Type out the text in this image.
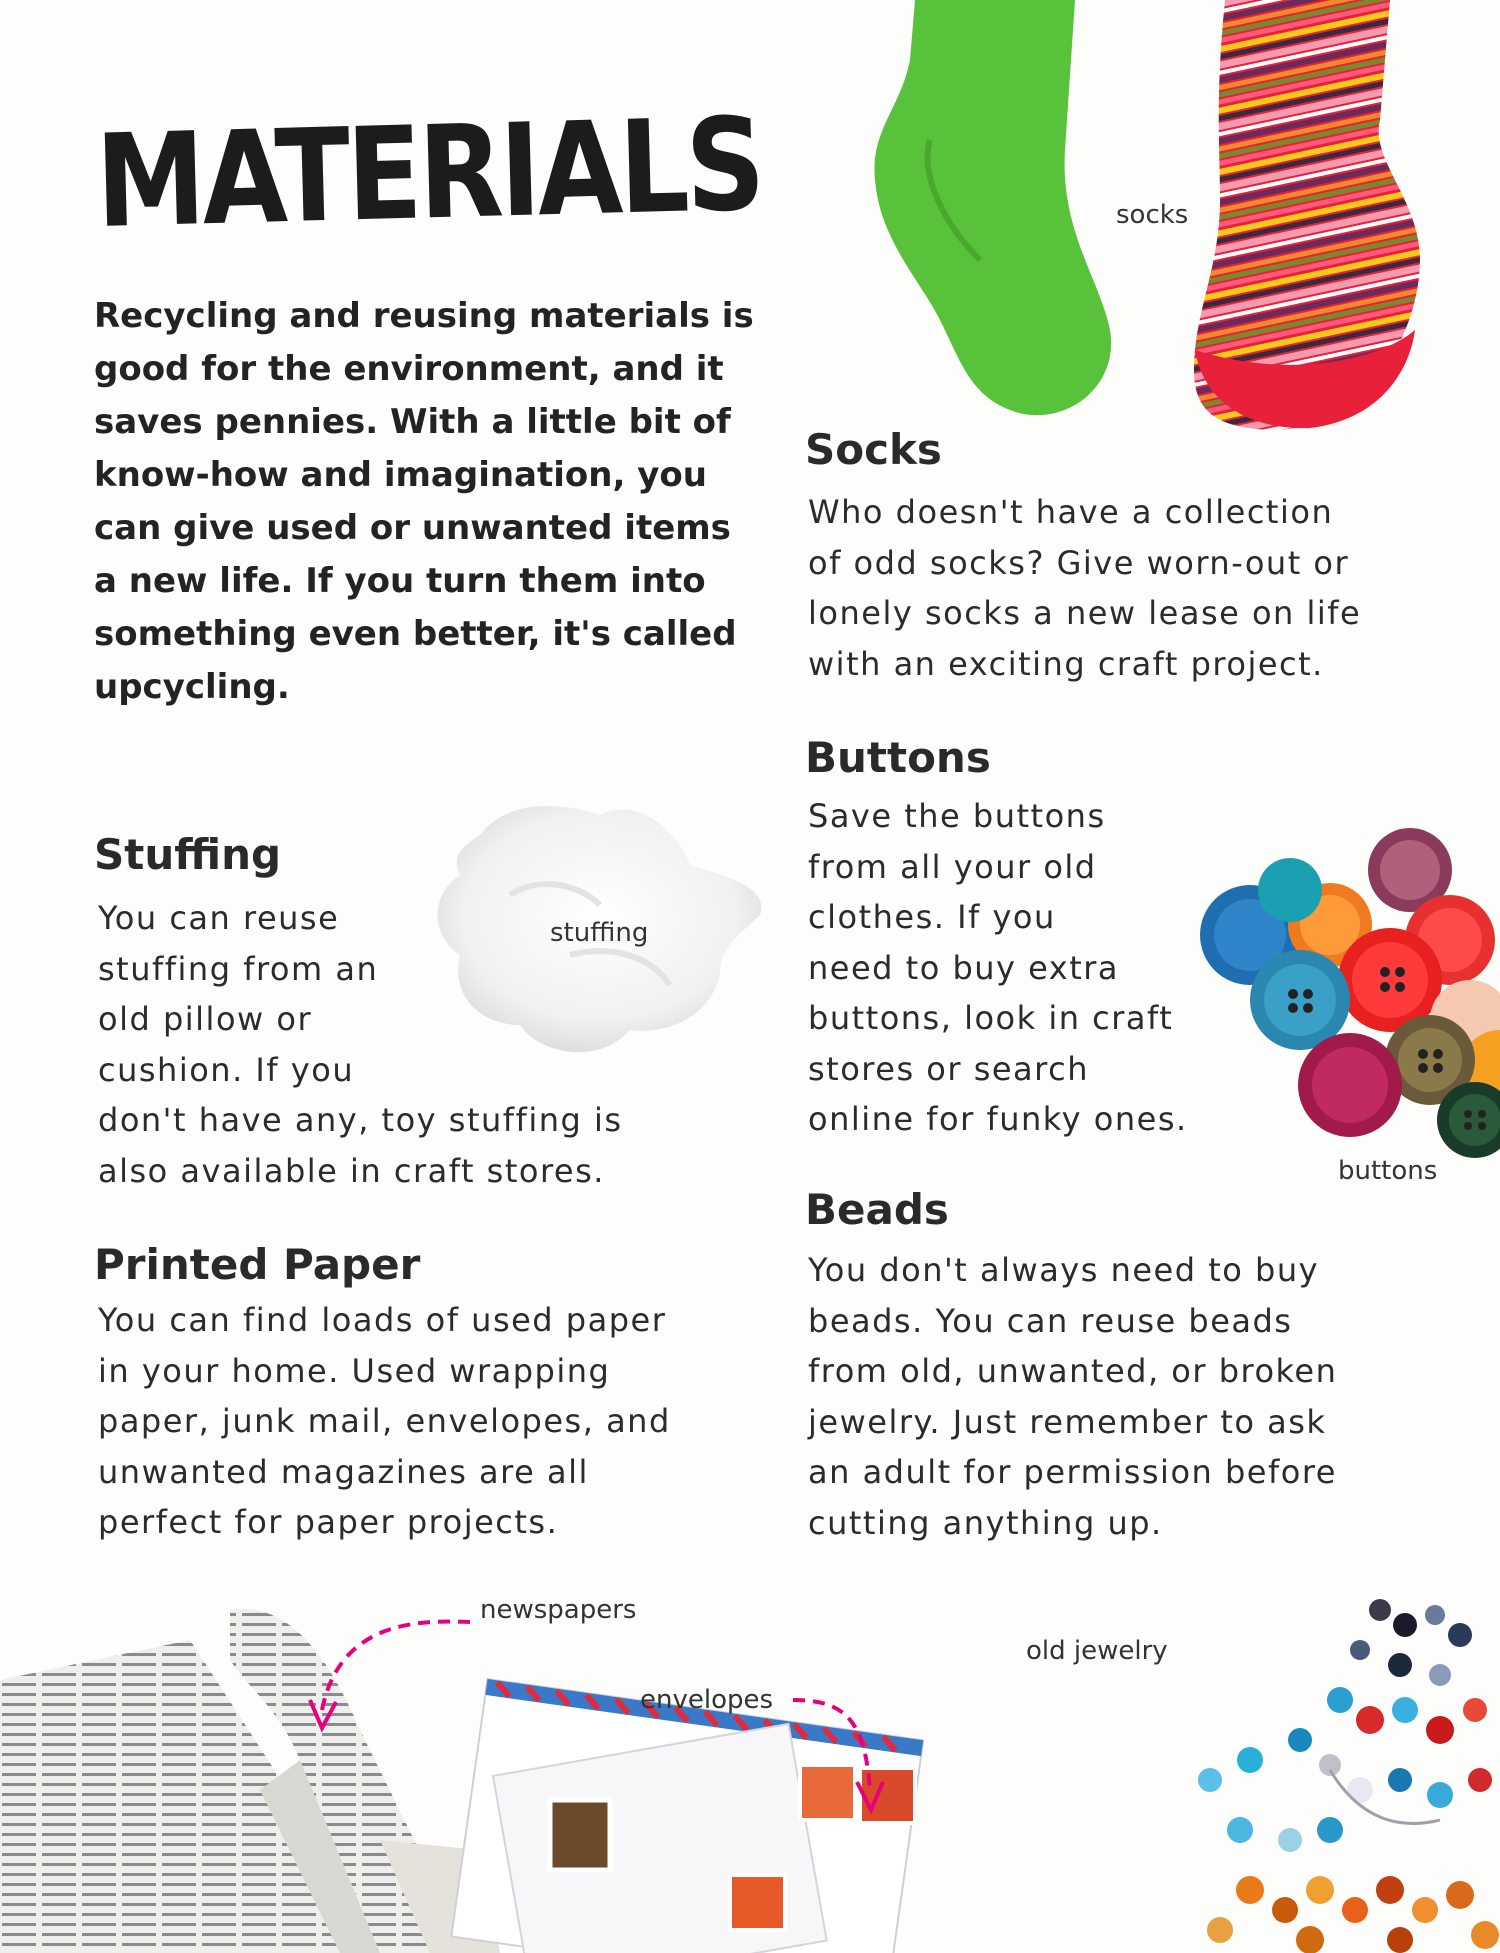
MATERIALS
Recycling and reusing materials is good for the environment, and it saves pennies. With a little bit of know-how and imagination, you can give used or unwanted items a new life. If you turn them into something even better, it's called upcycling.
socks
Socks
Who doesn't have a collection
of odd socks? Give worn-out or
lonely socks a new lease on life
with an exciting craft project.
Buttons
Save the buttons
from all your old
clothes. If you
need to buy extra
buttons, look in craft
stores or search
online for funky ones.
buttons
Stuffing
You can reuse
stuffing from an
old pillow or
cushion. If you
don't have any, toy stuffing is
also available in craft stores.
stuffing
Beads
You don't always need to buy
beads. You can reuse beads
from old, unwanted, or broken
jewelry. Just remember to ask
an adult for permission before
cutting anything up.
Printed Paper
You can find loads of used paper
in your home. Used wrapping
paper, junk mail, envelopes, and
unwanted magazines are all
perfect for paper projects.
newspapers
envelopes
old jewelry
